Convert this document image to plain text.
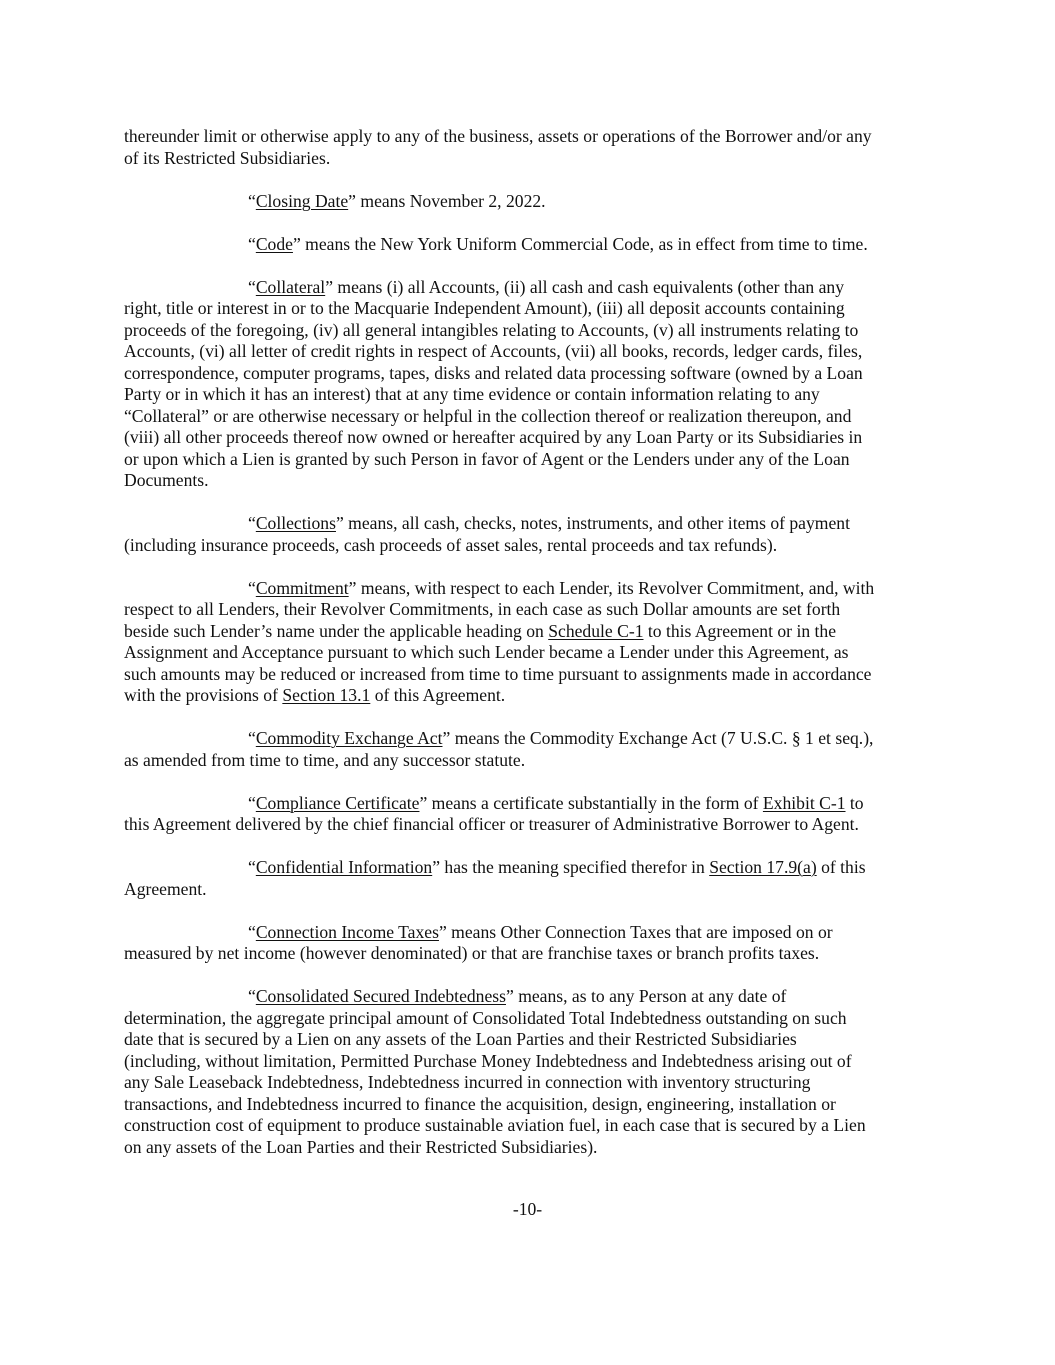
thereunder limit or otherwise apply to any of the business, assets or operations of the Borrower and/or any
of its Restricted Subsidiaries.
“Closing Date” means November 2, 2022.
“Code” means the New York Uniform Commercial Code, as in effect from time to time.
“Collateral” means (i) all Accounts, (ii) all cash and cash equivalents (other than any
right, title or interest in or to the Macquarie Independent Amount), (iii) all deposit accounts containing
proceeds of the foregoing, (iv) all general intangibles relating to Accounts, (v) all instruments relating to
Accounts, (vi) all letter of credit rights in respect of Accounts, (vii) all books, records, ledger cards, files,
correspondence, computer programs, tapes, disks and related data processing software (owned by a Loan
Party or in which it has an interest) that at any time evidence or contain information relating to any
“Collateral” or are otherwise necessary or helpful in the collection thereof or realization thereupon, and
(viii) all other proceeds thereof now owned or hereafter acquired by any Loan Party or its Subsidiaries in
or upon which a Lien is granted by such Person in favor of Agent or the Lenders under any of the Loan
Documents.
“Collections” means, all cash, checks, notes, instruments, and other items of payment
(including insurance proceeds, cash proceeds of asset sales, rental proceeds and tax refunds).
“Commitment” means, with respect to each Lender, its Revolver Commitment, and, with
respect to all Lenders, their Revolver Commitments, in each case as such Dollar amounts are set forth
beside such Lender’s name under the applicable heading on Schedule C-1 to this Agreement or in the
Assignment and Acceptance pursuant to which such Lender became a Lender under this Agreement, as
such amounts may be reduced or increased from time to time pursuant to assignments made in accordance
with the provisions of Section 13.1 of this Agreement.
“Commodity Exchange Act” means the Commodity Exchange Act (7 U.S.C. § 1 et seq.),
as amended from time to time, and any successor statute.
“Compliance Certificate” means a certificate substantially in the form of Exhibit C-1 to
this Agreement delivered by the chief financial officer or treasurer of Administrative Borrower to Agent.
“Confidential Information” has the meaning specified therefor in Section 17.9(a) of this
Agreement.
“Connection Income Taxes” means Other Connection Taxes that are imposed on or
measured by net income (however denominated) or that are franchise taxes or branch profits taxes.
“Consolidated Secured Indebtedness” means, as to any Person at any date of
determination, the aggregate principal amount of Consolidated Total Indebtedness outstanding on such
date that is secured by a Lien on any assets of the Loan Parties and their Restricted Subsidiaries
(including, without limitation, Permitted Purchase Money Indebtedness and Indebtedness arising out of
any Sale Leaseback Indebtedness, Indebtedness incurred in connection with inventory structuring
transactions, and Indebtedness incurred to finance the acquisition, design, engineering, installation or
construction cost of equipment to produce sustainable aviation fuel, in each case that is secured by a Lien
on any assets of the Loan Parties and their Restricted Subsidiaries).
-10-
